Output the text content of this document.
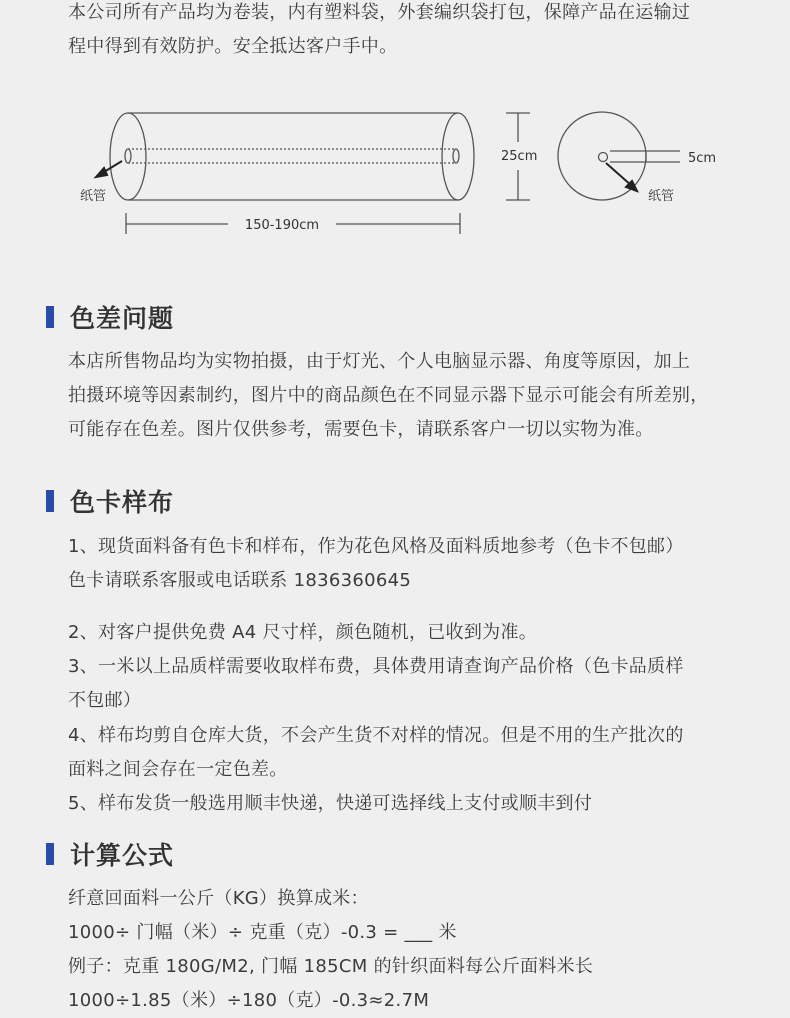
本公司所有产品均为卷装，内有塑料袋，外套编织袋打包，保障产品在运输过

程中得到有效防护。安全抵达客户手中。

纸管
150-190cm
25cm	5cm
纸管
色差问题

本店所售物品均为实物拍摄，由于灯光、个人电脑显示器、角度等原因，加上

拍摄环境等因素制约，图片中的商品颜色在不同显示器下显示可能会有所差别，

可能存在色差。图片仅供参考，需要色卡，请联系客户一切以实物为准。

色卡样布

1、现货面料备有色卡和样布，作为花色风格及面料质地参考（色卡不包邮）

色卡请联系客服或电话联系 1836360645

2、对客户提供免费 A4 尺寸样，颜色随机，已收到为准。

3、一米以上品质样需要收取样布费，具体费用请查询产品价格（色卡品质样

不包邮）

4、样布均剪自仓库大货，不会产生货不对样的情况。但是不用的生产批次的

面料之间会存在一定色差。

5、样布发货一般选用顺丰快递，快递可选择线上支付或顺丰到付

计算公式

纤意回面料一公斤（KG）换算成米：

1000÷ 门幅（米）÷ 克重（克）-0.3 = ___ 米

例子：克重 180G/M2, 门幅 185CM 的针织面料每公斤面料米长

1000÷1.85（米）÷180（克）-0.3≈2.7M
